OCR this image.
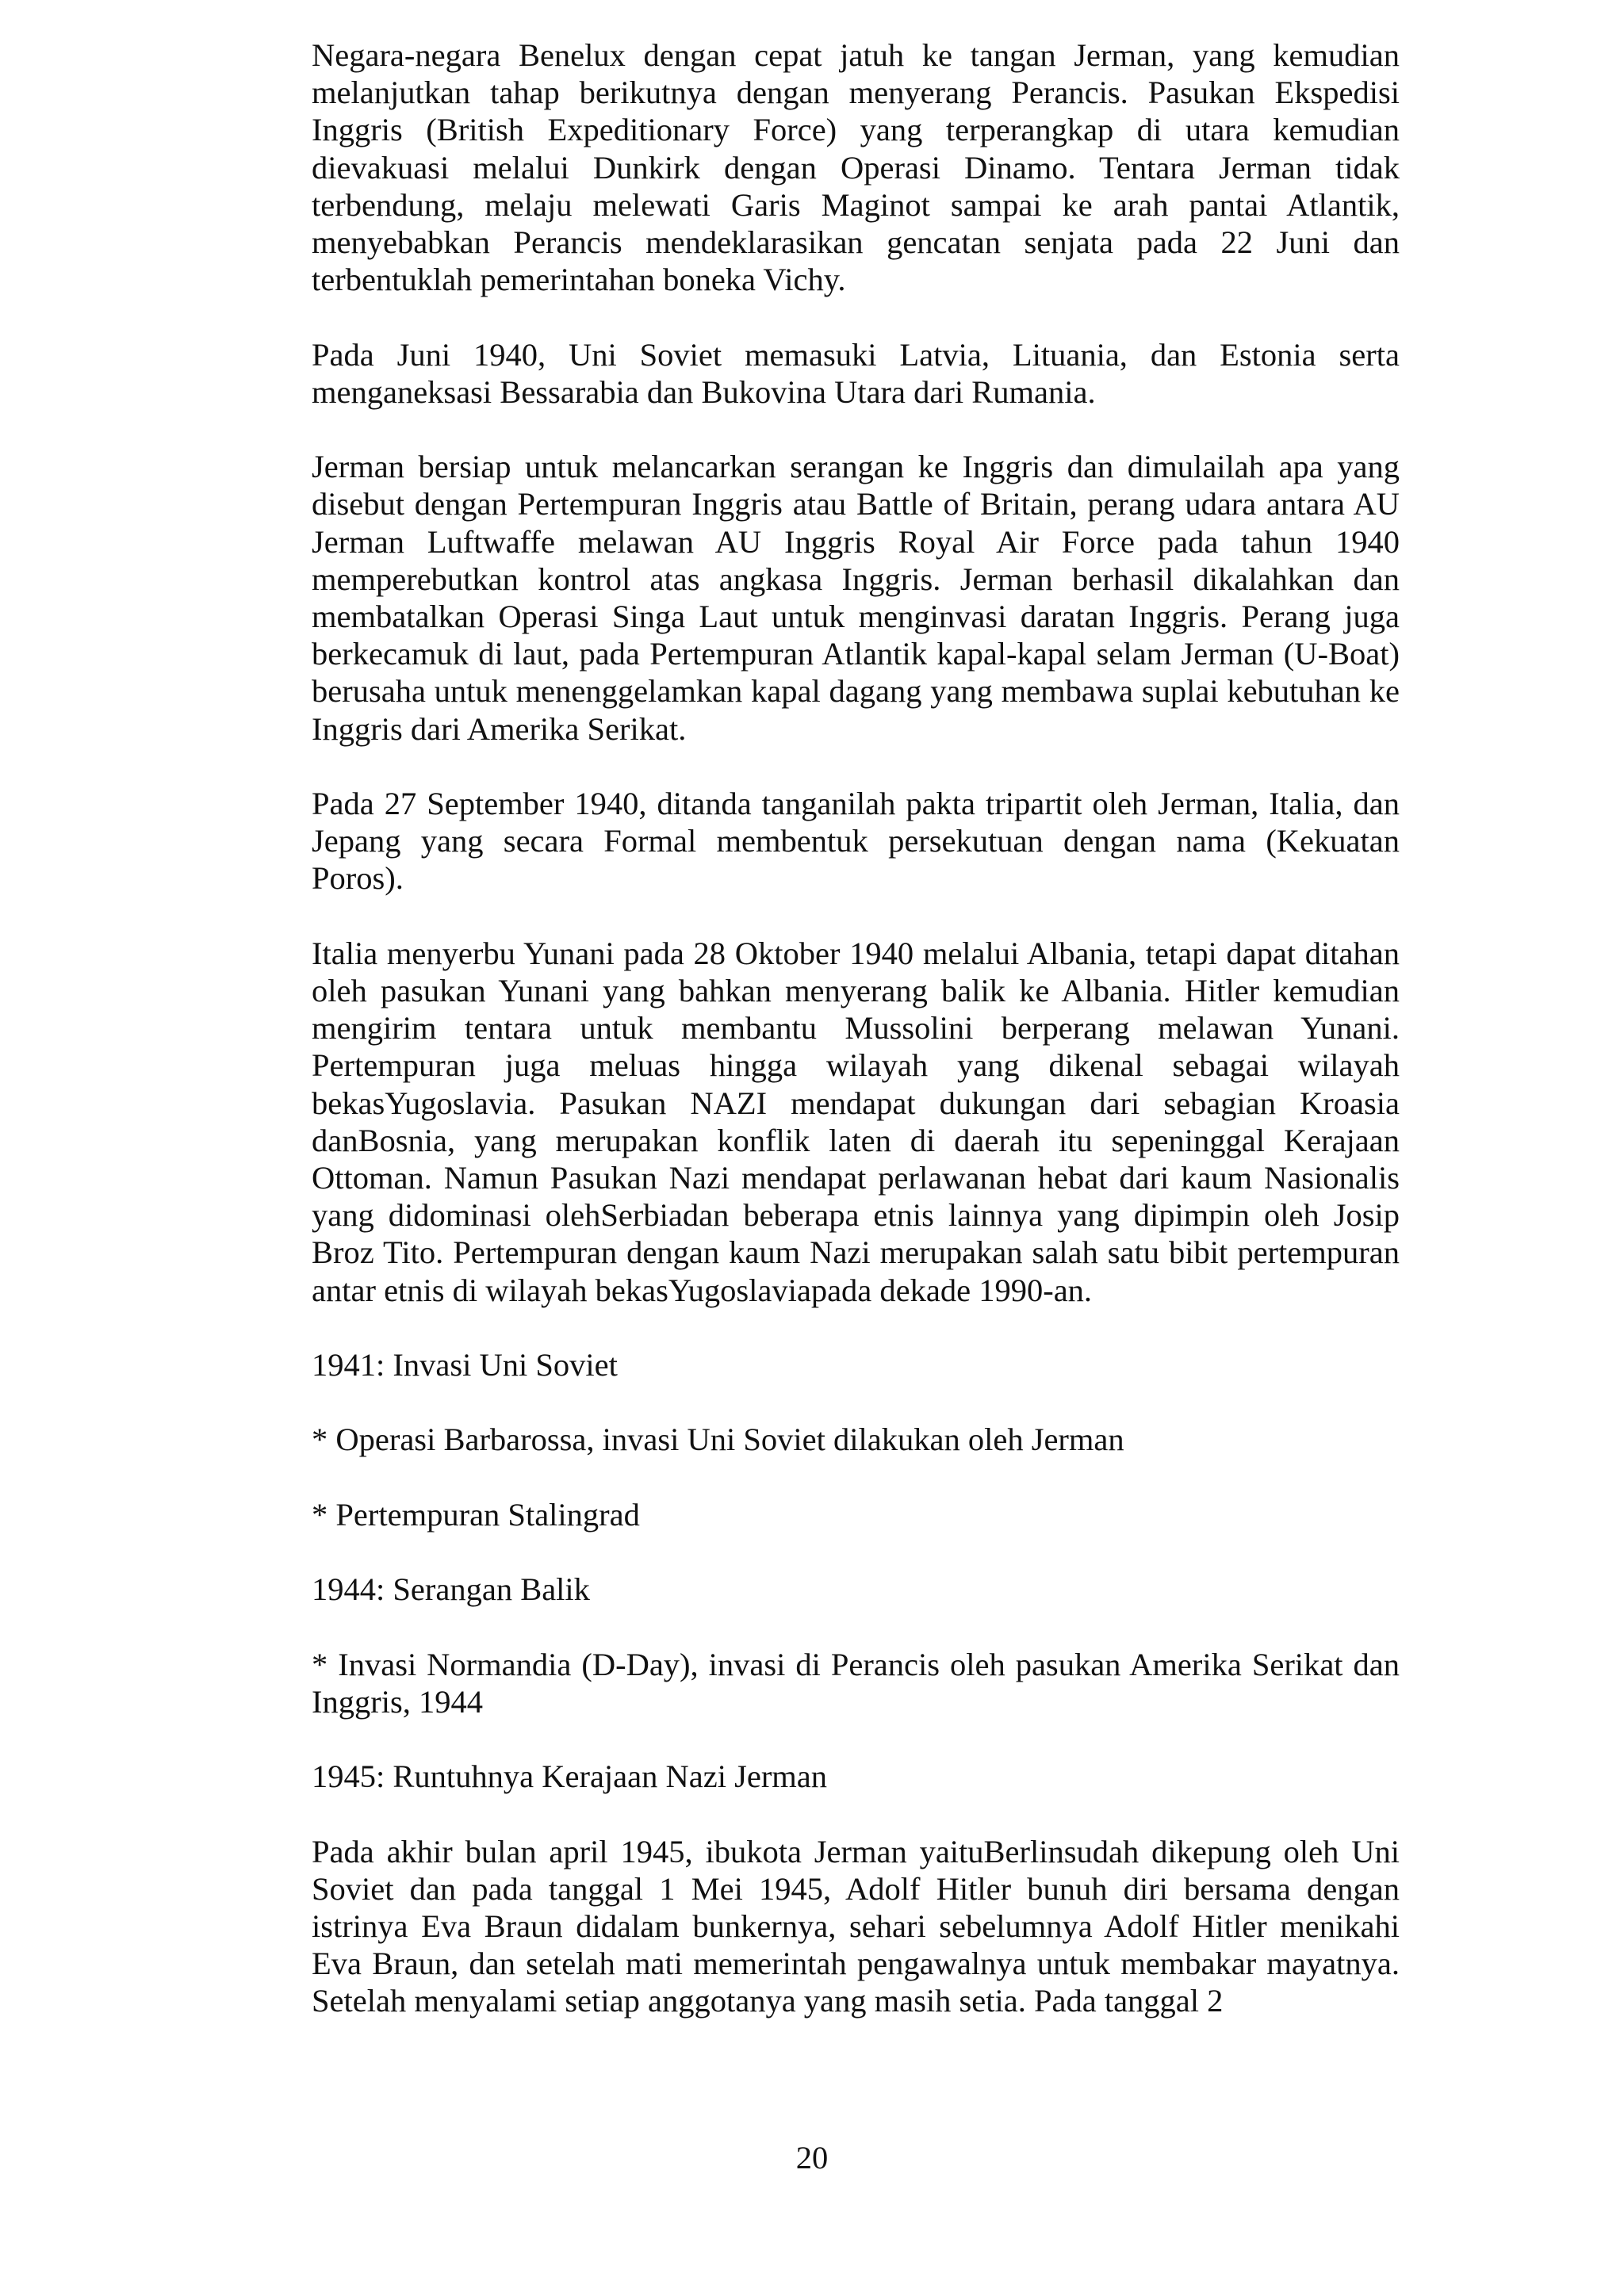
Negara-negara Benelux dengan cepat jatuh ke tangan Jerman, yang kemudian melanjutkan tahap berikutnya dengan menyerang Perancis. Pasukan Ekspedisi Inggris (British Expeditionary Force) yang terperangkap di utara kemudian dievakuasi melalui Dunkirk dengan Operasi Dinamo. Tentara Jerman tidak terbendung, melaju melewati Garis Maginot sampai ke arah pantai Atlantik, menyebabkan Perancis mendeklarasikan gencatan senjata pada 22 Juni dan terbentuklah pemerintahan boneka Vichy.

Pada Juni 1940, Uni Soviet memasuki Latvia, Lituania, dan Estonia serta menganeksasi Bessarabia dan Bukovina Utara dari Rumania.

Jerman bersiap untuk melancarkan serangan ke Inggris dan dimulailah apa yang disebut dengan Pertempuran Inggris atau Battle of Britain, perang udara antara AU Jerman Luftwaffe melawan AU Inggris Royal Air Force pada tahun 1940 memperebutkan kontrol atas angkasa Inggris. Jerman berhasil dikalahkan dan membatalkan Operasi Singa Laut untuk menginvasi daratan Inggris. Perang juga berkecamuk di laut, pada Pertempuran Atlantik kapal-kapal selam Jerman (U-Boat) berusaha untuk menenggelamkan kapal dagang yang membawa suplai kebutuhan ke Inggris dari Amerika Serikat.

Pada 27 September 1940, ditanda tanganilah pakta tripartit oleh Jerman, Italia, dan Jepang yang secara Formal membentuk persekutuan dengan nama (Kekuatan Poros).

Italia menyerbu Yunani pada 28 Oktober 1940 melalui Albania, tetapi dapat ditahan oleh pasukan Yunani yang bahkan menyerang balik ke Albania. Hitler kemudian mengirim tentara untuk membantu Mussolini berperang melawan Yunani. Pertempuran juga meluas hingga wilayah yang dikenal sebagai wilayah bekasYugoslavia. Pasukan NAZI mendapat dukungan dari sebagian Kroasia danBosnia, yang merupakan konflik laten di daerah itu sepeninggal Kerajaan Ottoman. Namun Pasukan Nazi mendapat perlawanan hebat dari kaum Nasionalis yang didominasi olehSerbiadan beberapa etnis lainnya yang dipimpin oleh Josip Broz Tito. Pertempuran dengan kaum Nazi merupakan salah satu bibit pertempuran antar etnis di wilayah bekasYugoslaviapada dekade 1990-an.

1941: Invasi Uni Soviet

* Operasi Barbarossa, invasi Uni Soviet dilakukan oleh Jerman

* Pertempuran Stalingrad

1944: Serangan Balik

* Invasi Normandia (D-Day), invasi di Perancis oleh pasukan Amerika Serikat dan Inggris, 1944

1945: Runtuhnya Kerajaan Nazi Jerman

Pada akhir bulan april 1945, ibukota Jerman yaituBerlinsudah dikepung oleh Uni Soviet dan pada tanggal 1 Mei 1945, Adolf Hitler bunuh diri bersama dengan istrinya Eva Braun didalam bunkernya, sehari sebelumnya Adolf Hitler menikahi Eva Braun, dan setelah mati memerintah pengawalnya untuk membakar mayatnya. Setelah menyalami setiap anggotanya yang masih setia. Pada tanggal 2

20
